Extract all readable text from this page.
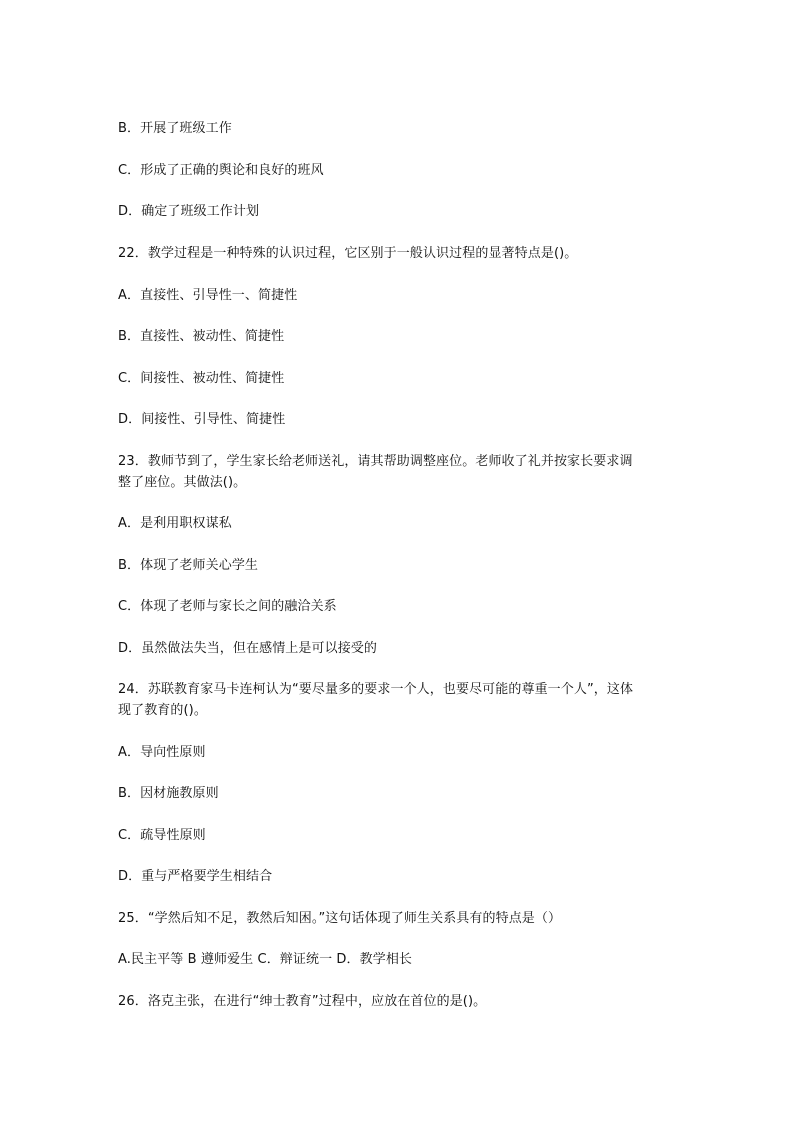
B．开展了班级工作
C．形成了正确的舆论和良好的班风
D．确定了班级工作计划
22．教学过程是一种特殊的认识过程，它区别于一般认识过程的显著特点是()。
A．直接性、引导性一、简捷性
B．直接性、被动性、简捷性
C．间接性、被动性、简捷性
D．间接性、引导性、简捷性
23．教师节到了，学生家长给老师送礼，请其帮助调整座位。老师收了礼并按家长要求调
整了座位。其做法()。
A．是利用职权谋私
B．体现了老师关心学生
C．体现了老师与家长之间的融洽关系
D．虽然做法失当，但在感情上是可以接受的
24．苏联教育家马卡连柯认为“要尽量多的要求一个人，也要尽可能的尊重一个人”，这体
现了教育的()。
A．导向性原则
B．因材施教原则
C．疏导性原则
D．重与严格要学生相结合
25．“学然后知不足，教然后知困。”这句话体现了师生关系具有的特点是（）
A.民主平等 B 遵师爱生 C．辩证统一 D．教学相长
26．洛克主张，在进行“绅士教育”过程中，应放在首位的是()。
